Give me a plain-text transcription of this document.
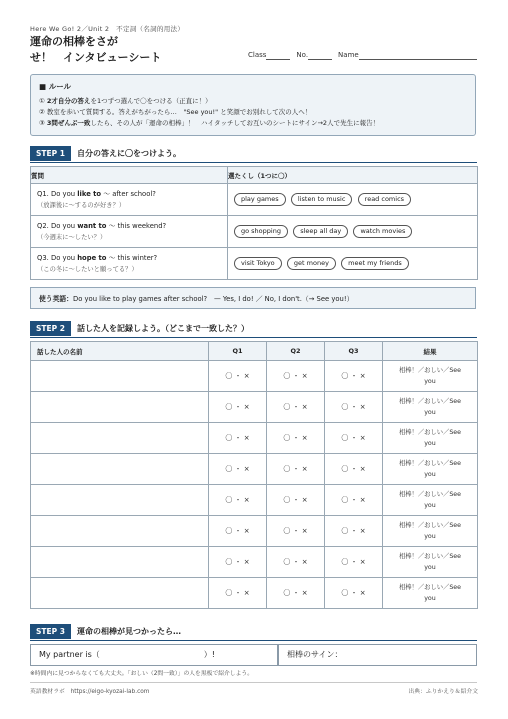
Here We Go! 2／Unit 2　不定詞（名詞的用法）
運命の相棒をさが
せ！　インタビューシート	Class	No.	Name
■ ルール
① 2才自分の答えを1つずつ選んで〇をつける（正直に！）
② 教室を歩いて質問する。答えがちがったら…　"See you!" と笑顔でお別れして次の人へ！
③ 3問ぜんぶ一致したら、その人が「運命の相棒」！　ハイタッチしてお互いのシートにサイン→2人で先生に報告！
STEP 1	自分の答えに〇をつけよう。
質問	選たくし（1つに〇）

Q1. Do you like to ～ after school?
（放課後に～するのが好き？）	play games listen to music read comics

Q2. Do you want to ～ this weekend?
（今週末に～したい？）	go shopping sleep all day watch movies

Q3. Do you hope to ～ this winter?
（この冬に～したいと願ってる？）	visit Tokyo get money meet my friends
使う英語：Do you like to play games after school?　— Yes, I do! ／ No, I don't.（→ See you!）
STEP 2	話した人を記録しよう。（どこまで一致した？）
話した人の名前	Q1	Q2	Q3	結果
	〇 ・ ×	〇 ・ ×	〇 ・ ×	相棒！／おしい／See
you

	〇 ・ ×	〇 ・ ×	〇 ・ ×	相棒！／おしい／See
you

	〇 ・ ×	〇 ・ ×	〇 ・ ×	相棒！／おしい／See
you

	〇 ・ ×	〇 ・ ×	〇 ・ ×	相棒！／おしい／See
you

	〇 ・ ×	〇 ・ ×	〇 ・ ×	相棒！／おしい／See
you

	〇 ・ ×	〇 ・ ×	〇 ・ ×	相棒！／おしい／See
you

	〇 ・ ×	〇 ・ ×	〇 ・ ×	相棒！／おしい／See
you

	〇 ・ ×	〇 ・ ×	〇 ・ ×	相棒！／おしい／See
you
STEP 3	運命の相棒が見つかったら…
My partner is（　　　　　　　　　　　　　）!	相棒のサイン：
※時間内に見つからなくても大丈夫。「おしい（2問一致）」の人を黒板で紹介しよう。
英語教材ラボ　https://eigo-kyozai-lab.com	出典：ふりかえり＆紹介文
